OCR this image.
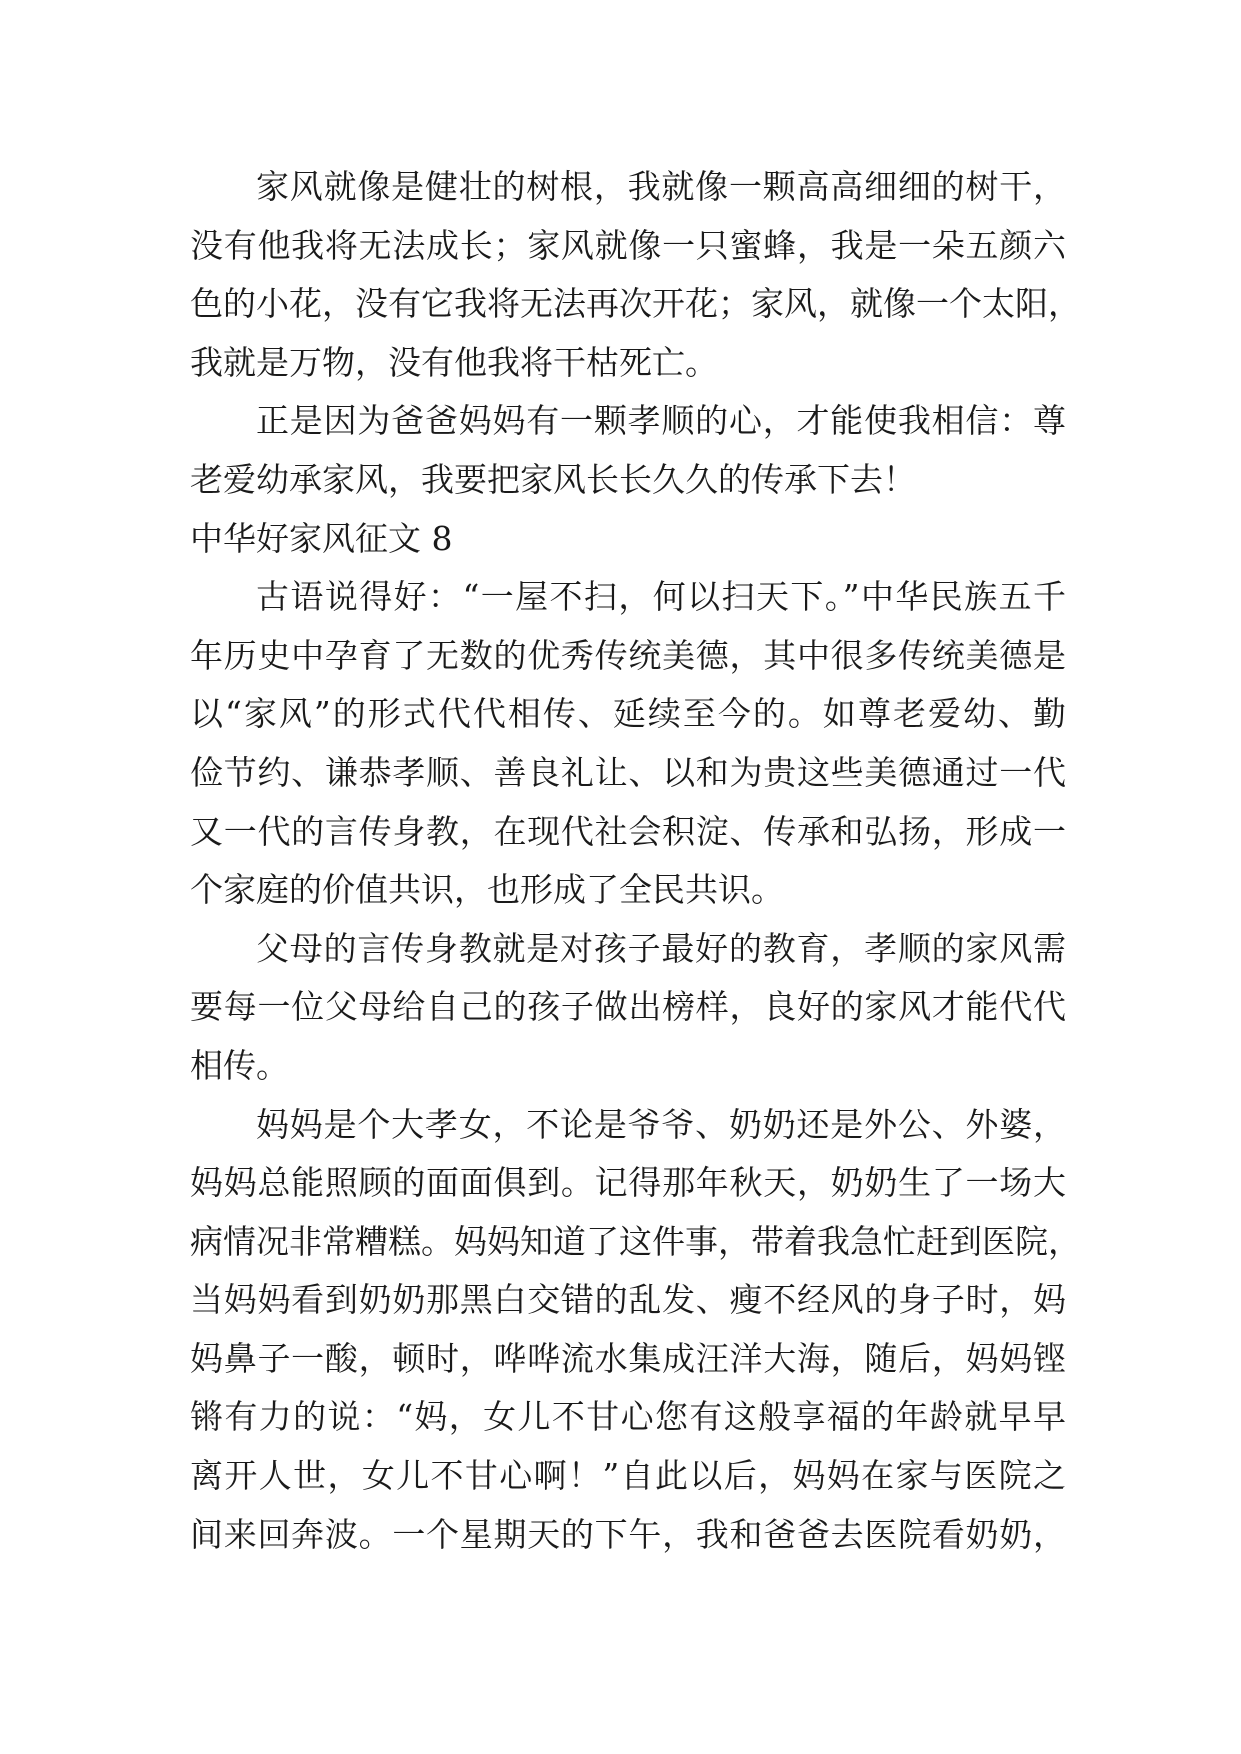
家风就像是健壮的树根，我就像一颗高高细细的树干，
没有他我将无法成长；家风就像一只蜜蜂，我是一朵五颜六
色的小花，没有它我将无法再次开花；家风，就像一个太阳，
我就是万物，没有他我将干枯死亡。
正是因为爸爸妈妈有一颗孝顺的心，才能使我相信：尊
老爱幼承家风，我要把家风长长久久的传承下去！
中华好家风征文 8
古语说得好：“一屋不扫，何以扫天下。”中华民族五千
年历史中孕育了无数的优秀传统美德，其中很多传统美德是
以“家风”的形式代代相传、延续至今的。如尊老爱幼、勤
俭节约、谦恭孝顺、善良礼让、以和为贵这些美德通过一代
又一代的言传身教，在现代社会积淀、传承和弘扬，形成一
个家庭的价值共识，也形成了全民共识。
父母的言传身教就是对孩子最好的教育，孝顺的家风需
要每一位父母给自己的孩子做出榜样，良好的家风才能代代
相传。
妈妈是个大孝女，不论是爷爷、奶奶还是外公、外婆，
妈妈总能照顾的面面俱到。记得那年秋天，奶奶生了一场大
病情况非常糟糕。妈妈知道了这件事，带着我急忙赶到医院，
当妈妈看到奶奶那黑白交错的乱发、瘦不经风的身子时，妈
妈鼻子一酸，顿时，哗哗流水集成汪洋大海，随后，妈妈铿
锵有力的说：“妈，女儿不甘心您有这般享福的年龄就早早
离开人世，女儿不甘心啊！”自此以后，妈妈在家与医院之
间来回奔波。一个星期天的下午，我和爸爸去医院看奶奶，
